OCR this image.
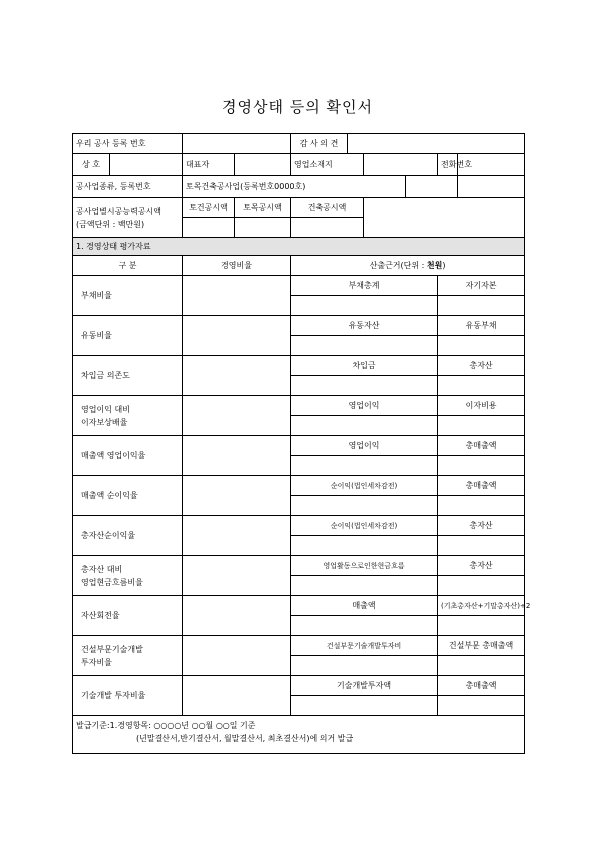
경영상태 등의 확인서
우리 공사 등록 번호				감 사 의 견					
상 호		대표자		영업소재지				전화번호	
공사업종류, 등록번호		토목건축공사업(등록번호0000호)							

공사업별시공능력공시액
(금액단위 : 백만원)		토건공시액	토목공시액	건축공시액					

1. 경영상태 평가자료									
구 분		경영비율		산출근거(단위 : 천원)					

부채비율				부채총계				자기자본	

유동비율				유동자산				유동부채	

차입금 의존도				차입금				총자산	

영업이익 대비
이자보상배율				영업이익				이자비용	

매출액 영업이익율				영업이익				총매출액	

매출액 순이익율				순이익(법인세차감전)				총매출액	

총자산순이익율				순이익(법인세차감전)				총자산	

총자산 대비
영업현금흐름비율				영업활동으로인한현금흐름				총자산	

자산회전율				매출액				(기초총자산+기말총자산)÷2	

건설부문기술개발
투자비율				건설부문기술개발투자비				건설부문 총매출액	

기술개발 투자비율				기술개발투자액				총매출액	

발급기준:1.경영항목: ○○○○년 ○○월 ○○일 기준
(년말결산서,반기결산서, 월말결산서, 최초결산서)에 의거 발급									
